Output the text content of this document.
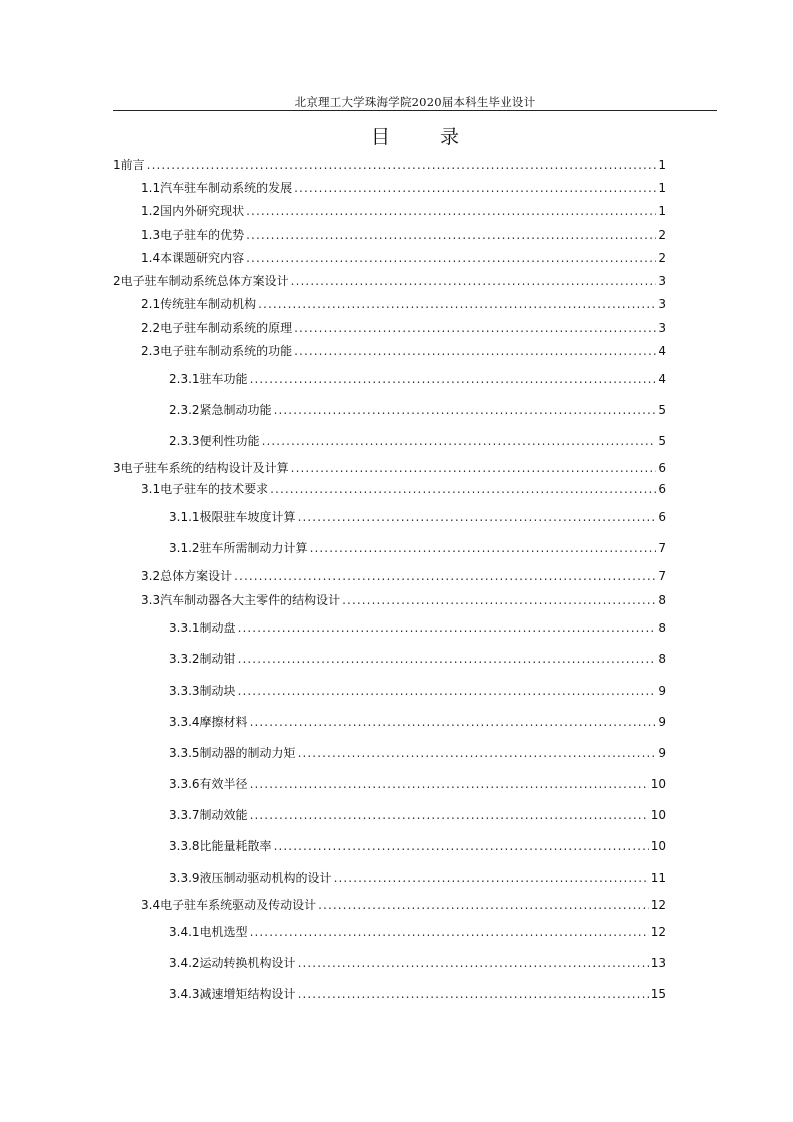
北京理工大学珠海学院2020届本科生毕业设计
目 录
1 前言 .....	1
1.1 汽车驻车制动系统的发展 .....	1
1.2 国内外研究现状 .....	1
1.3 电子驻车的优势 .....	2
1.4 本课题研究内容 .....	2
2 电子驻车制动系统总体方案设计 .....	3
2.1 传统驻车制动机构 .....	3
2.2 电子驻车制动系统的原理 .....	3
2.3 电子驻车制动系统的功能 .....	4
2.3.1 驻车功能 .....	4
2.3.2 紧急制动功能 .....	5
2.3.3 便利性功能 .....	5
3 电子驻车系统的结构设计及计算 .....	6
3.1 电子驻车的技术要求 .....	6
3.1.1 极限驻车坡度计算 .....	6
3.1.2 驻车所需制动力计算 .....	7
3.2 总体方案设计 .....	7
3.3 汽车制动器各大主零件的结构设计 .....	8
3.3.1 制动盘 .....	8
3.3.2 制动钳 .....	8
3.3.3 制动块 .....	9
3.3.4 摩擦材料 .....	9
3.3.5 制动器的制动力矩 .....	9
3.3.6 有效半径 .....	10
3.3.7 制动效能 .....	10
3.3.8 比能量耗散率 .....	10
3.3.9 液压制动驱动机构的设计 .....	11
3.4 电子驻车系统驱动及传动设计 .....	12
3.4.1 电机选型 .....	12
3.4.2 运动转换机构设计 .....	13
3.4.3 减速增矩结构设计 .....	15
